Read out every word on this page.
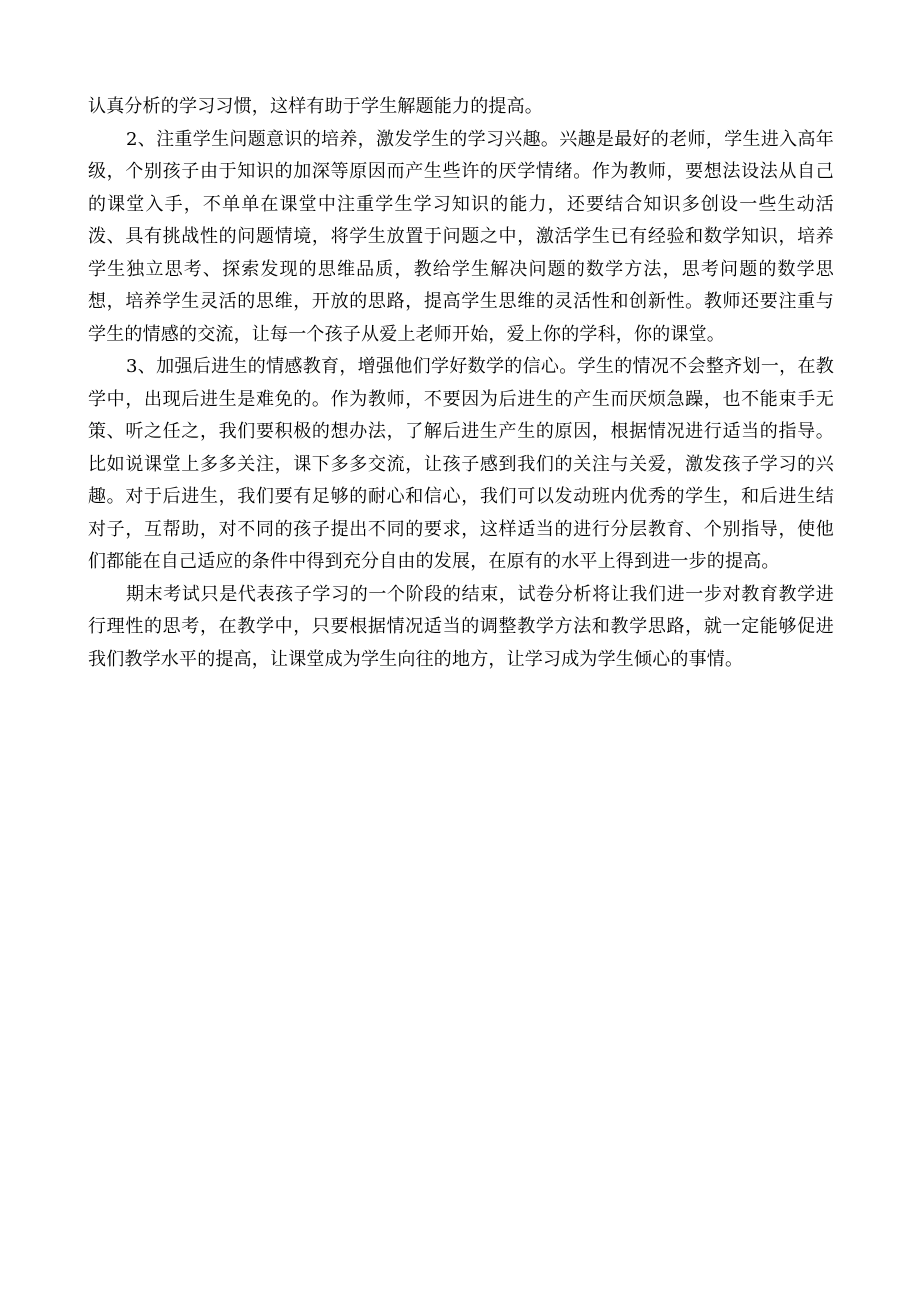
认真分析的学习习惯，这样有助于学生解题能力的提高。

2、注重学生问题意识的培养，激发学生的学习兴趣。兴趣是最好的老师，学生进入高年级，个别孩子由于知识的加深等原因而产生些许的厌学情绪。作为教师，要想法设法从自己的课堂入手，不单单在课堂中注重学生学习知识的能力，还要结合知识多创设一些生动活泼、具有挑战性的问题情境，将学生放置于问题之中，激活学生已有经验和数学知识，培养学生独立思考、探索发现的思维品质，教给学生解决问题的数学方法，思考问题的数学思想，培养学生灵活的思维，开放的思路，提高学生思维的灵活性和创新性。教师还要注重与学生的情感的交流，让每一个孩子从爱上老师开始，爱上你的学科，你的课堂。

3、加强后进生的情感教育，增强他们学好数学的信心。学生的情况不会整齐划一，在教学中，出现后进生是难免的。作为教师，不要因为后进生的产生而厌烦急躁，也不能束手无策、听之任之，我们要积极的想办法，了解后进生产生的原因，根据情况进行适当的指导。比如说课堂上多多关注，课下多多交流，让孩子感到我们的关注与关爱，激发孩子学习的兴趣。对于后进生，我们要有足够的耐心和信心，我们可以发动班内优秀的学生，和后进生结对子，互帮助，对不同的孩子提出不同的要求，这样适当的进行分层教育、个别指导，使他们都能在自己适应的条件中得到充分自由的发展，在原有的水平上得到进一步的提高。

期末考试只是代表孩子学习的一个阶段的结束，试卷分析将让我们进一步对教育教学进行理性的思考，在教学中，只要根据情况适当的调整教学方法和教学思路，就一定能够促进我们教学水平的提高，让课堂成为学生向往的地方，让学习成为学生倾心的事情。
